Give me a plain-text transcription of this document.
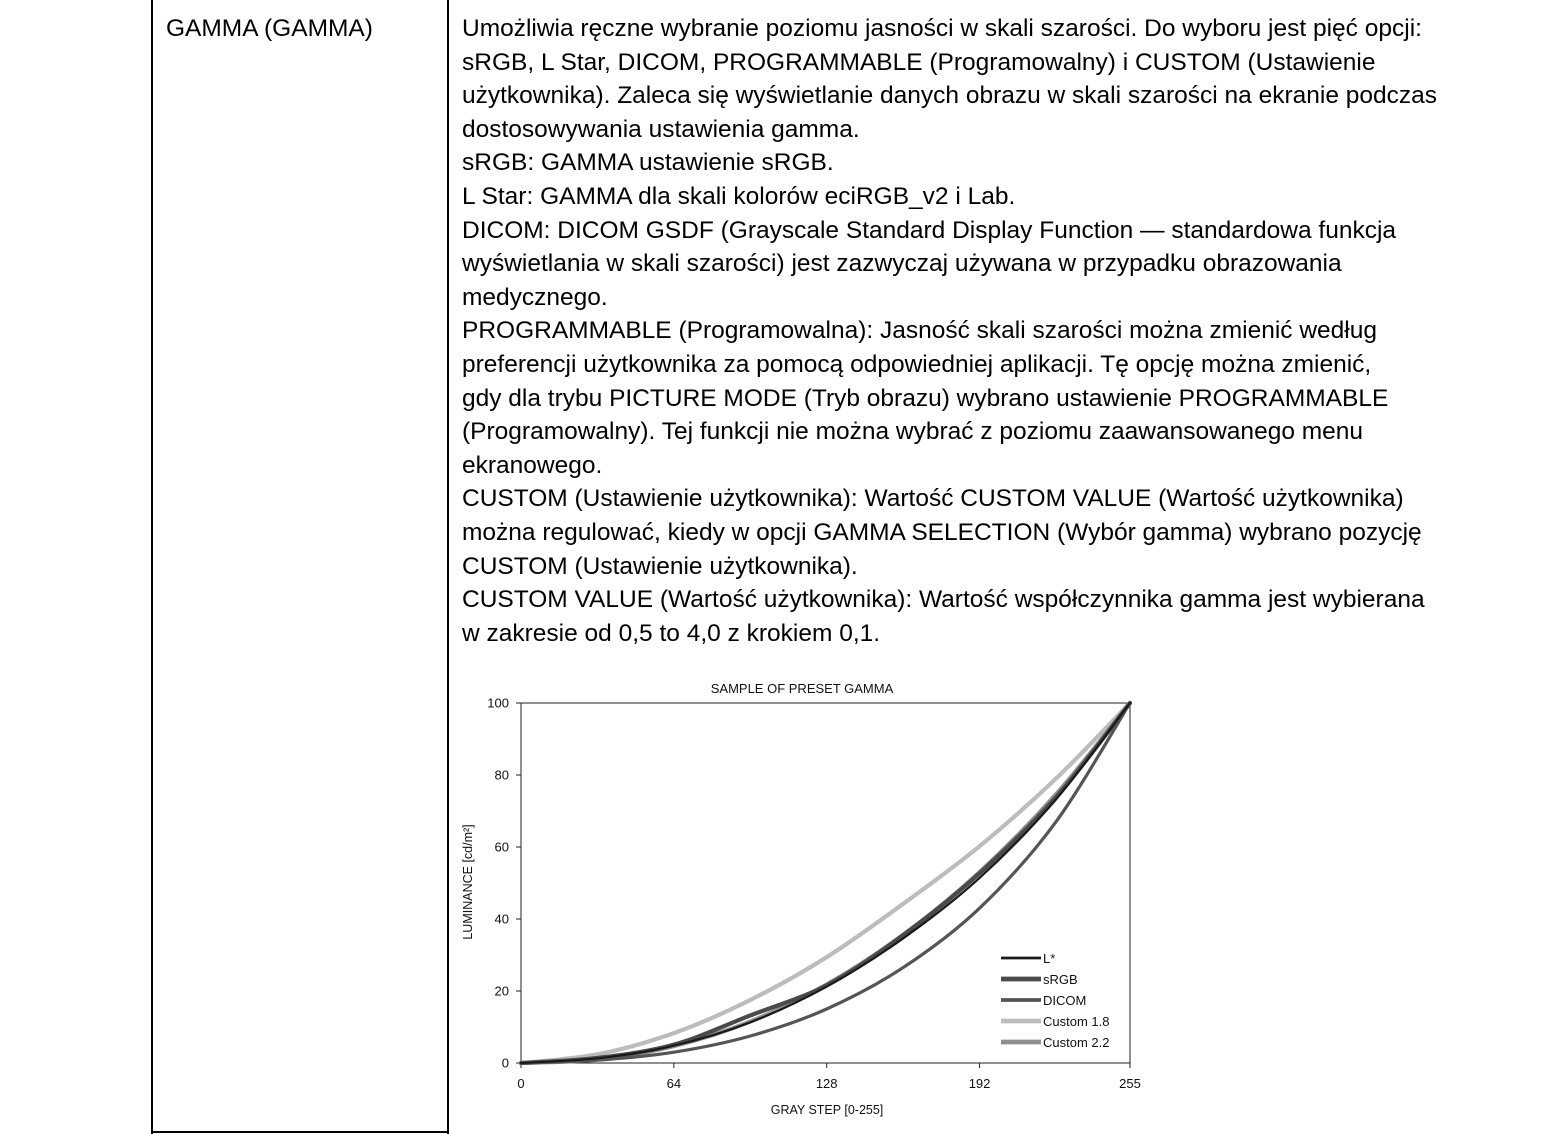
GAMMA (GAMMA)	Umożliwia ręczne wybranie poziomu jasności w skali szarości. Do wyboru jest pięć opcji:
sRGB, L Star, DICOM, PROGRAMMABLE (Programowalny) i CUSTOM (Ustawienie
użytkownika). Zaleca się wyświetlanie danych obrazu w skali szarości na ekranie podczas
dostosowywania ustawienia gamma.
sRGB: GAMMA ustawienie sRGB.
L Star: GAMMA dla skali kolorów eciRGB_v2 i Lab.
DICOM: DICOM GSDF (Grayscale Standard Display Function — standardowa funkcja
wyświetlania w skali szarości) jest zazwyczaj używana w przypadku obrazowania
medycznego.
PROGRAMMABLE (Programowalna): Jasność skali szarości można zmienić według
preferencji użytkownika za pomocą odpowiedniej aplikacji. Tę opcję można zmienić,
gdy dla trybu PICTURE MODE (Tryb obrazu) wybrano ustawienie PROGRAMMABLE
(Programowalny). Tej funkcji nie można wybrać z poziomu zaawansowanego menu
ekranowego.
CUSTOM (Ustawienie użytkownika): Wartość CUSTOM VALUE (Wartość użytkownika)
można regulować, kiedy w opcji GAMMA SELECTION (Wybór gamma) wybrano pozycję
CUSTOM (Ustawienie użytkownika).
CUSTOM VALUE (Wartość użytkownika): Wartość współczynnika gamma jest wybierana
w zakresie od 0,5 to 4,0 z krokiem 0,1.
SAMPLE OF PRESET GAMMA
0
20
40
60
80
100
0	64	128	192	255
L*
sRGB
DICOM
Custom 1.8
Custom 2.2
GRAY STEP [0-255]
LUMINANCE [cd/m²]
